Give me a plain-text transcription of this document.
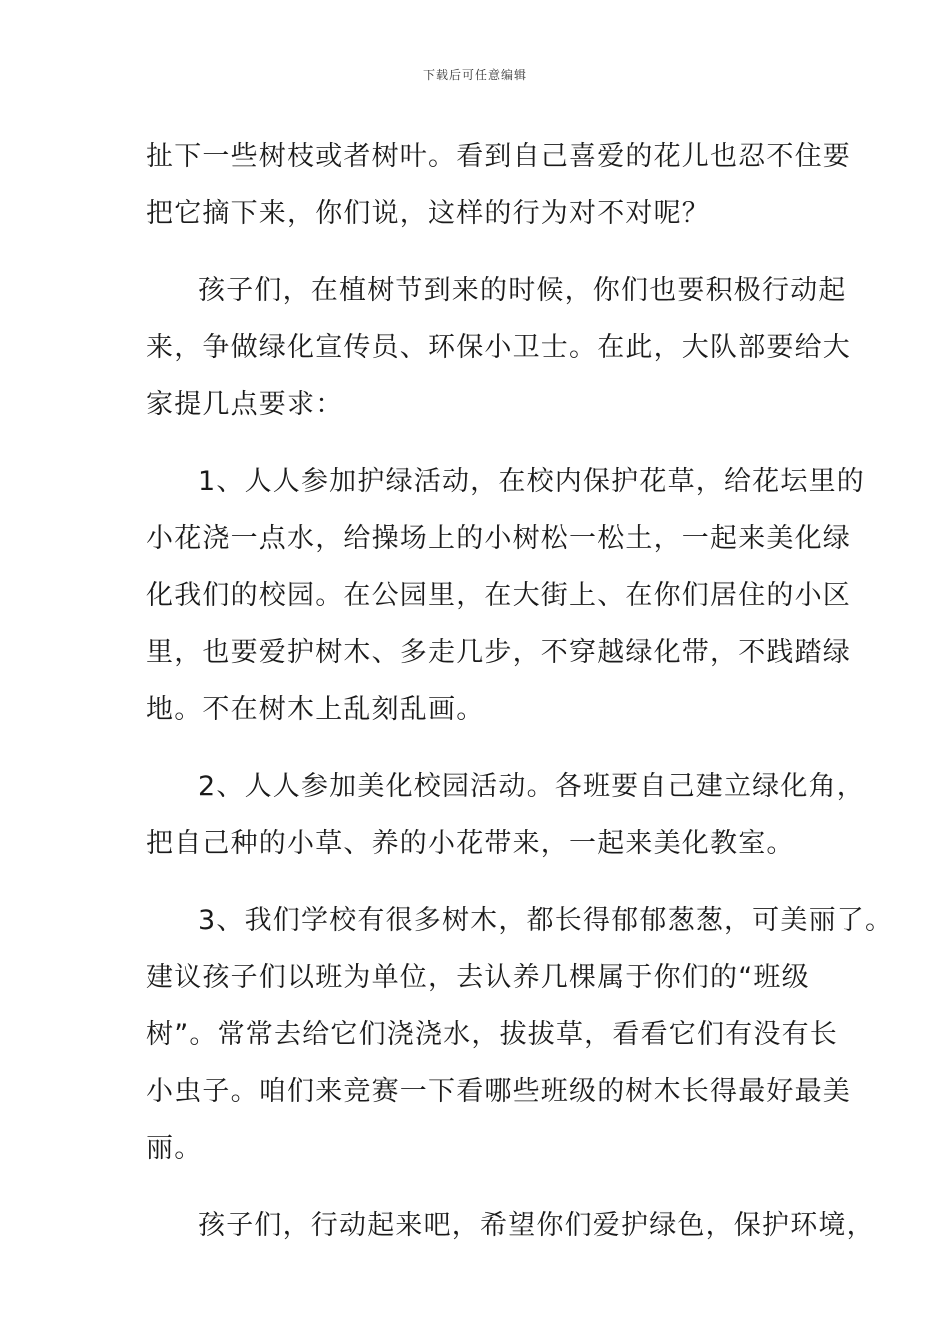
下载后可任意编辑
扯下一些树枝或者树叶。看到自己喜爱的花儿也忍不住要
把它摘下来，你们说，这样的行为对不对呢？
孩子们，在植树节到来的时候，你们也要积极行动起
来，争做绿化宣传员、环保小卫士。在此，大队部要给大
家提几点要求：
1、人人参加护绿活动，在校内保护花草，给花坛里的
小花浇一点水，给操场上的小树松一松土，一起来美化绿
化我们的校园。在公园里，在大街上、在你们居住的小区
里，也要爱护树木、多走几步，不穿越绿化带，不践踏绿
地。不在树木上乱刻乱画。
2、人人参加美化校园活动。各班要自己建立绿化角，
把自己种的小草、养的小花带来，一起来美化教室。
3、我们学校有很多树木，都长得郁郁葱葱，可美丽了。
建议孩子们以班为单位，去认养几棵属于你们的“班级
树”。常常去给它们浇浇水，拔拔草，看看它们有没有长
小虫子。咱们来竞赛一下看哪些班级的树木长得最好最美
丽。
孩子们，行动起来吧，希望你们爱护绿色，保护环境，
